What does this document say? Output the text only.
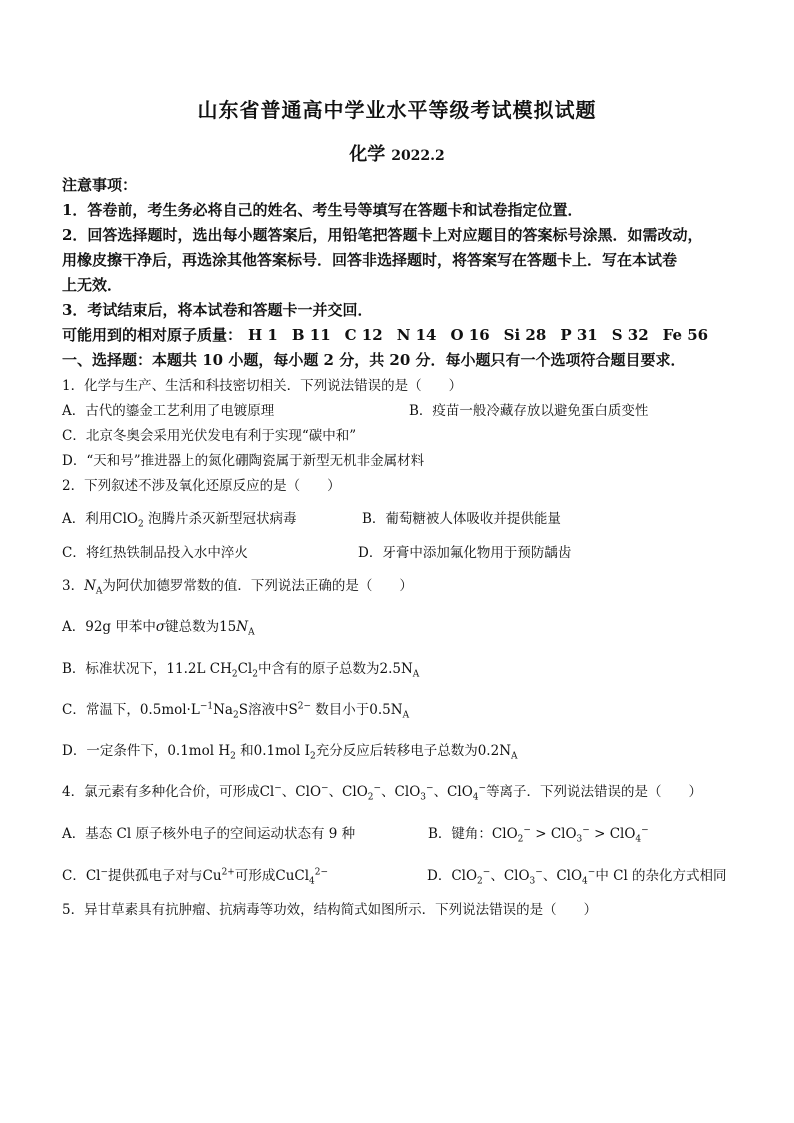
山东省普通高中学业水平等级考试模拟试题
化学 2022.2
注意事项：
1．答卷前，考生务必将自己的姓名、考生号等填写在答题卡和试卷指定位置．
2．回答选择题时，选出每小题答案后，用铅笔把答题卡上对应题目的答案标号涂黑．如需改动，
用橡皮擦干净后，再选涂其他答案标号．回答非选择题时，将答案写在答题卡上．写在本试卷
上无效．
3．考试结束后，将本试卷和答题卡一并交回．
可能用到的相对原子质量： H 1 B 11 C 12 N 14 O 16 Si 28 P 31 S 32 Fe 56
一、选择题：本题共 10 小题，每小题 2 分，共 20 分．每小题只有一个选项符合题目要求．
1．化学与生产、生活和科技密切相关．下列说法错误的是（　　）
A．古代的鎏金工艺利用了电镀原理	B．疫苗一般冷藏存放以避免蛋白质变性
C．北京冬奥会采用光伏发电有利于实现“碳中和”
D．“天和号”推进器上的氮化硼陶瓷属于新型无机非金属材料
2．下列叙述不涉及氧化还原反应的是（　　）
A．利用ClO$_2$ 泡腾片杀灭新型冠状病毒	B．葡萄糖被人体吸收并提供能量
C．将红热铁制品投入水中淬火	D．牙膏中添加氟化物用于预防龋齿
3．$N_A$为阿伏加德罗常数的值．下列说法正确的是（　　）
A．92g 甲苯中σ键总数为$15N_A$
B．标准状况下，11.2L $CH_2Cl_2$中含有的原子总数为$2.5N_A$
C．常温下，$0.5mol\cdot L^{-1}Na_2S$溶液中$S^{2-}$ 数目小于$0.5N_A$
D．一定条件下，0.1mol $H_2$ 和0.1mol $I_2$充分反应后转移电子总数为$0.2N_A$
4．氯元素有多种化合价，可形成Cl−、ClO−、ClO$_2$−、ClO$_3$−、ClO$_4$−等离子．下列说法错误的是（　　）
A．基态 Cl 原子核外电子的空间运动状态有 9 种	B．键角：ClO$_2$− > ClO$_3$− > ClO$_4$−
C．Cl−提供孤电子对与$Cu^{2+}$可形成CuCl$_4^{2-}$	D．ClO$_2$−、ClO$_3$−、ClO$_4$−中 Cl 的杂化方式相同
5．异甘草素具有抗肿瘤、抗病毒等功效，结构简式如图所示．下列说法错误的是（　　）
